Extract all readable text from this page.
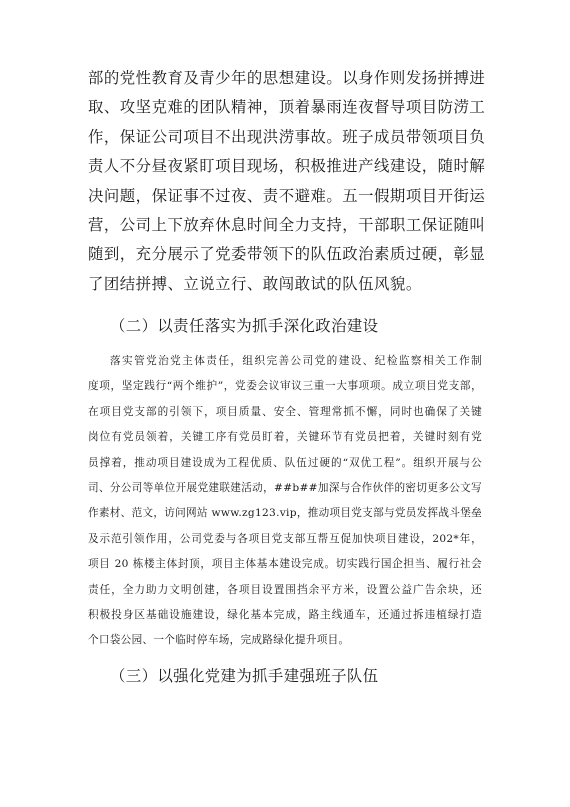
部的党性教育及青少年的思想建设。以身作则发扬拼搏进
取、攻坚克难的团队精神，顶着暴雨连夜督导项目防涝工
作，保证公司项目不出现洪涝事故。班子成员带领项目负
责人不分昼夜紧盯项目现场，积极推进产线建设，随时解
决问题，保证事不过夜、责不避难。五一假期项目开街运
营，公司上下放弃休息时间全力支持，干部职工保证随叫
随到，充分展示了党委带领下的队伍政治素质过硬，彰显
了团结拼搏、立说立行、敢闯敢试的队伍风貌。
（二）以责任落实为抓手深化政治建设
落实管党治党主体责任，组织完善公司党的建设、纪检监察相关工作制
度项，坚定践行“两个维护”，党委会议审议三重一大事项项。成立项目党支部，
在项目党支部的引领下，项目质量、安全、管理常抓不懈，同时也确保了关键
岗位有党员领着，关键工序有党员盯着，关键环节有党员把着，关键时刻有党
员撑着，推动项目建设成为工程优质、队伍过硬的“双优工程”。组织开展与公
司、分公司等单位开展党建联建活动，##b##加深与合作伙伴的密切更多公文写
作素材、范文，访问网站 www.zg123.vip，推动项目党支部与党员发挥战斗堡垒
及示范引领作用，公司党委与各项目党支部互帮互促加快项目建设，202*年，
项目 20 栋楼主体封顶，项目主体基本建设完成。切实践行国企担当、履行社会
责任，全力助力文明创建，各项目设置围挡余平方米，设置公益广告余块，还
积极投身区基础设施建设，绿化基本完成，路主线通车，还通过拆违植绿打造
个口袋公园、一个临时停车场，完成路绿化提升项目。
（三）以强化党建为抓手建强班子队伍
